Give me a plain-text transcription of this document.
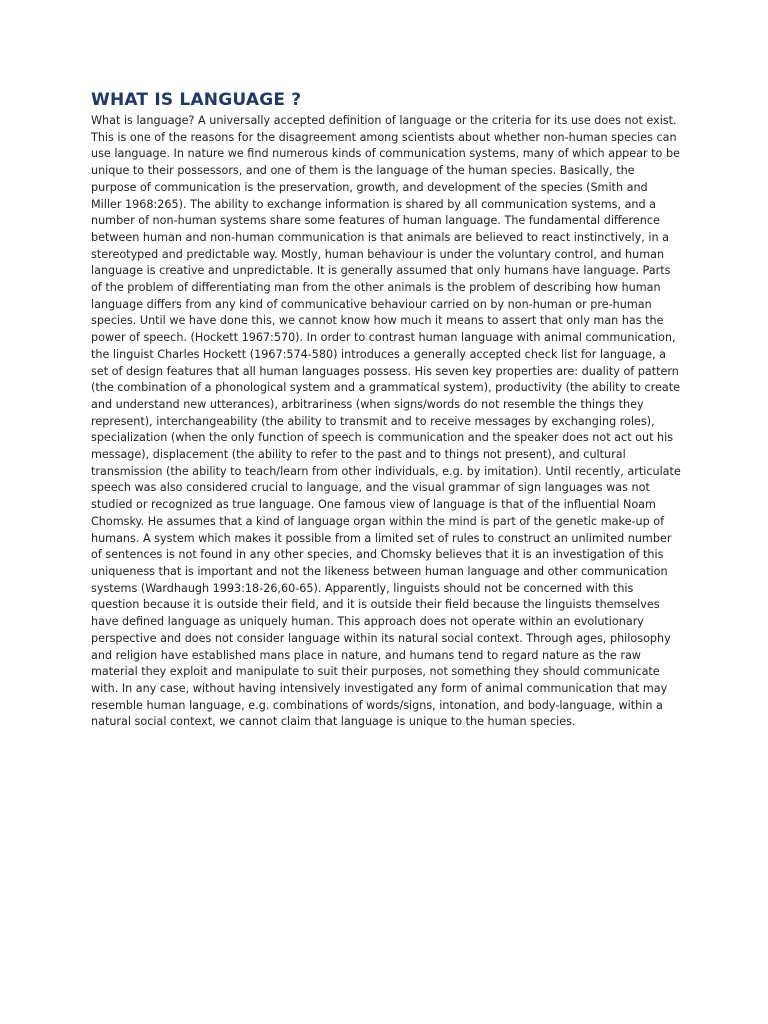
WHAT IS LANGUAGE ?

What is language? A universally accepted definition of language or the criteria for its use does not exist. This is one of the reasons for the disagreement among scientists about whether non-human species can use language. In nature we find numerous kinds of communication systems, many of which appear to be unique to their possessors, and one of them is the language of the human species. Basically, the purpose of communication is the preservation, growth, and development of the species (Smith and Miller 1968:265). The ability to exchange information is shared by all communication systems, and a number of non-human systems share some features of human language. The fundamental difference between human and non-human communication is that animals are believed to react instinctively, in a stereotyped and predictable way. Mostly, human behaviour is under the voluntary control, and human language is creative and unpredictable. It is generally assumed that only humans have language. Parts of the problem of differentiating man from the other animals is the problem of describing how human language differs from any kind of communicative behaviour carried on by non-human or pre-human species. Until we have done this, we cannot know how much it means to assert that only man has the power of speech. (Hockett 1967:570). In order to contrast human language with animal communication, the linguist Charles Hockett (1967:574-580) introduces a generally accepted check list for language, a set of design features that all human languages possess. His seven key properties are: duality of pattern (the combination of a phonological system and a grammatical system), productivity (the ability to create and understand new utterances), arbitrariness (when signs/words do not resemble the things they represent), interchangeability (the ability to transmit and to receive messages by exchanging roles), specialization (when the only function of speech is communication and the speaker does not act out his message), displacement (the ability to refer to the past and to things not present), and cultural transmission (the ability to teach/learn from other individuals, e.g. by imitation). Until recently, articulate speech was also considered crucial to language, and the visual grammar of sign languages was not studied or recognized as true language. One famous view of language is that of the influential Noam Chomsky. He assumes that a kind of language organ within the mind is part of the genetic make-up of humans. A system which makes it possible from a limited set of rules to construct an unlimited number of sentences is not found in any other species, and Chomsky believes that it is an investigation of this uniqueness that is important and not the likeness between human language and other communication systems (Wardhaugh 1993:18-26,60-65). Apparently, linguists should not be concerned with this question because it is outside their field, and it is outside their field because the linguists themselves have defined language as uniquely human. This approach does not operate within an evolutionary perspective and does not consider language within its natural social context. Through ages, philosophy and religion have established mans place in nature, and humans tend to regard nature as the raw material they exploit and manipulate to suit their purposes, not something they should communicate with. In any case, without having intensively investigated any form of animal communication that may resemble human language, e.g. combinations of words/signs, intonation, and body-language, within a natural social context, we cannot claim that language is unique to the human species.
